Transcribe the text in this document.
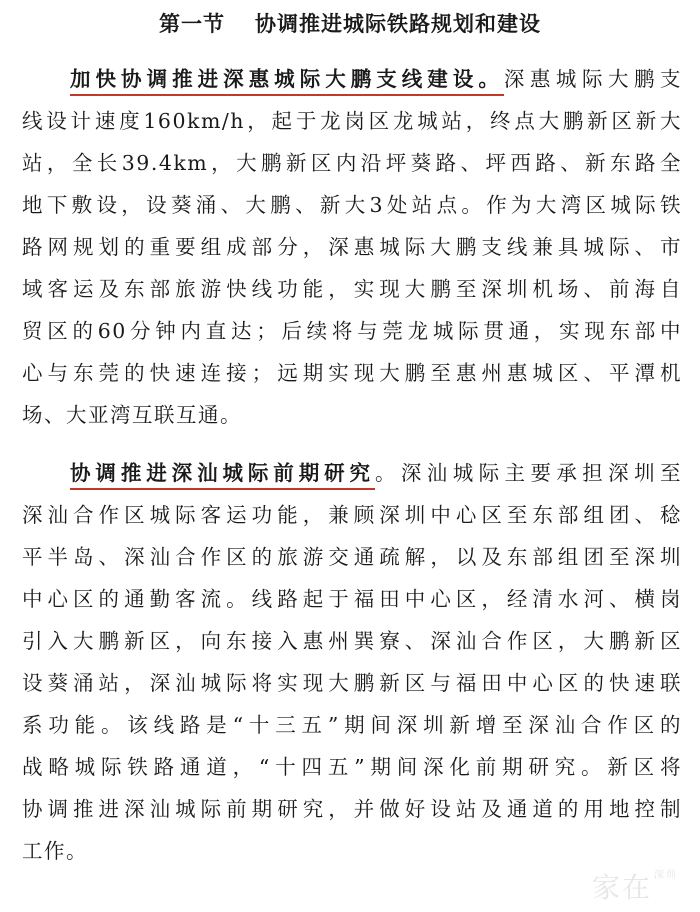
第一节 协调推进城际铁路规划和建设
加快协调推进深惠城际大鹏支线建设。深惠城际大鹏支
线设计速度160km/h，起于龙岗区龙城站，终点大鹏新区新大
站，全长39.4km，大鹏新区内沿坪葵路、坪西路、新东路全
地下敷设，设葵涌、大鹏、新大3处站点。作为大湾区城际铁
路网规划的重要组成部分，深惠城际大鹏支线兼具城际、市
域客运及东部旅游快线功能，实现大鹏至深圳机场、前海自
贸区的60分钟内直达；后续将与莞龙城际贯通，实现东部中
心与东莞的快速连接；远期实现大鹏至惠州惠城区、平潭机
场、大亚湾互联互通。
协调推进深汕城际前期研究。深汕城际主要承担深圳至
深汕合作区城际客运功能，兼顾深圳中心区至东部组团、稔
平半岛、深汕合作区的旅游交通疏解，以及东部组团至深圳
中心区的通勤客流。线路起于福田中心区，经清水河、横岗
引入大鹏新区，向东接入惠州巽寮、深汕合作区，大鹏新区
设葵涌站，深汕城际将实现大鹏新区与福田中心区的快速联
系功能。该线路是“十三五”期间深圳新增至深汕合作区的
战略城际铁路通道，“十四五”期间深化前期研究。新区将
协调推进深汕城际前期研究，并做好设站及通道的用地控制
工作。
家在 $^{深圳}$
